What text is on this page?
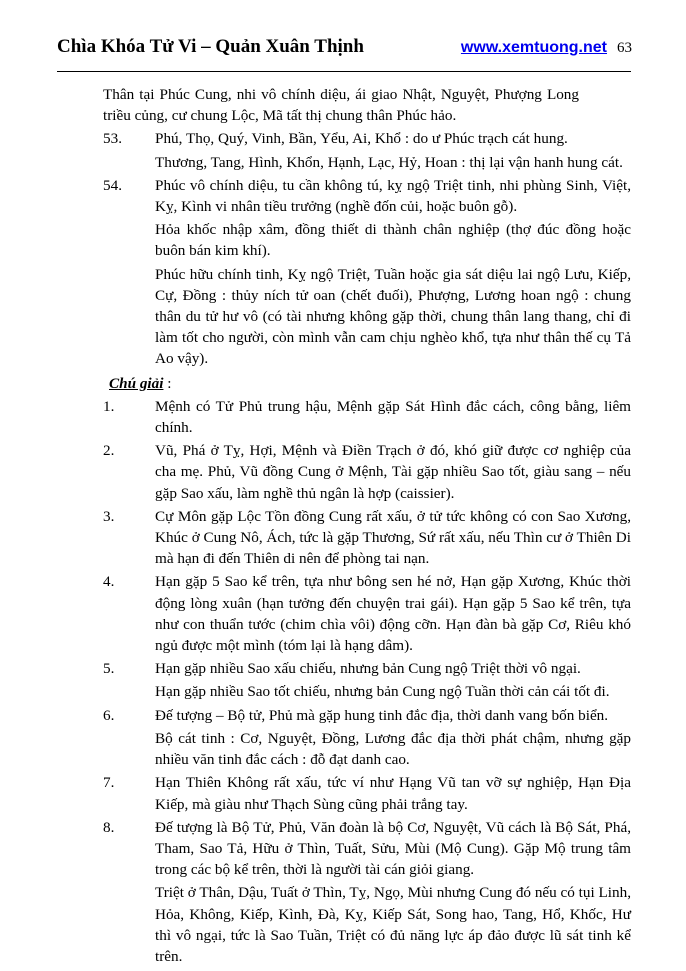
Chìa Khóa Tử Vi – Quản Xuân Thịnh	www.xemtuong.net 63

Thân tại Phúc Cung, nhi vô chính diệu, ái giao Nhật, Nguyệt, Phượng Long triều củng, cư chung Lộc, Mã tất thị chung thân Phúc hảo.

53.	Phú, Thọ, Quý, Vinh, Bần, Yểu, Ai, Khổ : do ư Phúc trạch cát hung.

Thương, Tang, Hình, Khổn, Hạnh, Lạc, Hỷ, Hoan : thị lại vận hanh hung cát.

54.	Phúc vô chính diệu, tu cần không tú, kỵ ngộ Triệt tinh, nhi phùng Sinh, Việt, Kỵ, Kình vi nhân tiều trưởng (nghề đốn củi, hoặc buôn gỗ).

Hỏa khốc nhập xâm, đồng thiết di thành chân nghiệp (thợ đúc đồng hoặc buôn bán kim khí).

Phúc hữu chính tinh, Kỵ ngộ Triệt, Tuần hoặc gia sát diệu lai ngộ Lưu, Kiếp, Cự, Đồng : thủy ních tử oan (chết đuối), Phượng, Lương hoan ngộ : chung thân du tử hư vô (có tài nhưng không gặp thời, chung thân lang thang, chỉ đi làm tốt cho người, còn mình vẫn cam chịu nghèo khổ, tựa như thân thế cụ Tả Ao vậy).

Chú giải :
1.	Mệnh có Tử Phủ trung hậu, Mệnh gặp Sát Hình đắc cách, công bằng, liêm chính.

2.	Vũ, Phá ở Tỵ, Hợi, Mệnh và Điền Trạch ở đó, khó giữ được cơ nghiệp của cha mẹ. Phủ, Vũ đồng Cung ở Mệnh, Tài gặp nhiều Sao tốt, giàu sang – nếu gặp Sao xấu, làm nghề thủ ngân là hợp (caissier).

3.	Cự Môn gặp Lộc Tồn đồng Cung rất xấu, ở tử tức không có con Sao Xương, Khúc ở Cung Nô, Ách, tức là gặp Thương, Sứ rất xấu, nếu Thìn cư ở Thiên Di mà hạn đi đến Thiên di nên để phòng tai nạn.

4.	Hạn gặp 5 Sao kể trên, tựa như bông sen hé nở, Hạn gặp Xương, Khúc thời động lòng xuân (hạn tưởng đến chuyện trai gái). Hạn gặp 5 Sao kể trên, tựa như con thuẩn tước (chim chìa vôi) động cỡn. Hạn đàn bà gặp Cơ, Riêu khó ngủ được một mình (tóm lại là hạng dâm).

5.	Hạn gặp nhiều Sao xấu chiếu, nhưng bản Cung ngộ Triệt thời vô ngại.

Hạn gặp nhiều Sao tốt chiếu, nhưng bản Cung ngộ Tuần thời cản cái tốt đi.

6.	Đế tượng – Bộ tử, Phủ mà gặp hung tinh đắc địa, thời danh vang bốn biển.

Bộ cát tinh : Cơ, Nguyệt, Đồng, Lương đắc địa thời phát chậm, nhưng gặp nhiều văn tinh đắc cách : đỗ đạt danh cao.

7.	Hạn Thiên Không rất xấu, tức ví như Hạng Vũ tan vỡ sự nghiệp, Hạn Địa Kiếp, mà giàu như Thạch Sùng cũng phải trắng tay.

8.	Đế tượng là Bộ Tử, Phủ, Văn đoàn là bộ Cơ, Nguyệt, Vũ cách là Bộ Sát, Phá, Tham, Sao Tả, Hữu ở Thìn, Tuất, Sửu, Mùi (Mộ Cung). Gặp Mộ trung tâm trong các bộ kể trên, thời là người tài cán giỏi giang.

Triệt ở Thân, Dậu, Tuất ở Thìn, Tỵ, Ngọ, Mùi nhưng Cung đó nếu có tụi Linh, Hỏa, Không, Kiếp, Kình, Đà, Kỵ, Kiếp Sát, Song hao, Tang, Hổ, Khốc, Hư thì vô ngại, tức là Sao Tuần, Triệt có đủ năng lực áp đảo được lũ sát tinh kể trên.
